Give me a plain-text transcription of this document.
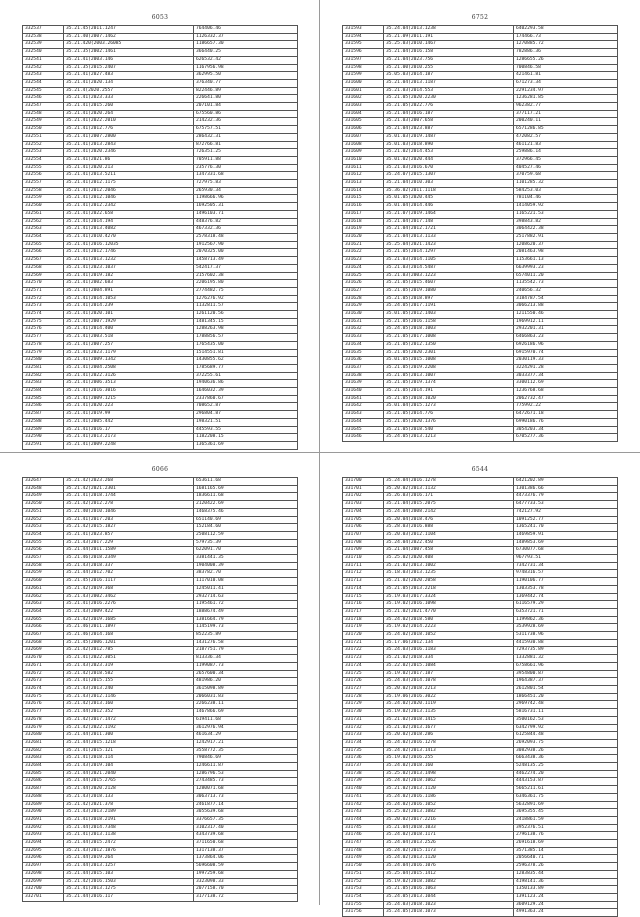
6053
332537	35.21.45(2011.1247	764406.46
332538	35.21.40(2007.1462	1126332.37
332539	35.21.420(2003.26085	1186657.30
332540	35.21.35(2002.1461	366440.25
332541	35.21.41(2003.146	626532.42
332542	35.21.35(2015.2407	1167956.98
332543	35.21.41(2027.483	362995.50
332544	35.21.41(2020.134	376340.77
332545	35.21.4(2020.2557	822446.89
332546	35.21.41(2023.333	226641.80
332547	35.21.41(2015.260	207101.84
332548	35.21.41(2020.264	675560.86
332549	35.21.41(2022.2010	214232.36
332550	35.21.41(2012.776	675757.51
332551	35.21.41(2007.2800	286432.31
332552	35.21.41(2013.2843	872766.81
332553	35.21.41(2020.2346	726351.25
332554	35.21.41(2021.86	705911.88
332555	35.21.41(2020.213	235776.30
332556	35.21.41(2013.5211	1347331.68
332557	35.21.41(2012.1175	727975.83
332558	35.21.41(2012.2046	265930.34
332559	35.21.41(2012.1046	1198666.96
332560	35.21.41(2012.2342	1692505.31
332561	35.21.41(2022.658	1496103.71
332562	35.21.41(2014.194	448376.82
332563	35.21.41(2013.4082	467332.36
332564	35.21.41(2010.4270	2578318.48
332565	35.21.41(2016.12035	1912567.90
332566	35.21.41(2012.1746	2070325.00
332567	35.21.41(2013.1232	1458713.49
332568	35.21.41(2023.1037	542417.37
332569	35.21.41(2019.182	2157602.38
332570	35.21.41(2002.683	2206195.80
332571	35.21.41(2004.891	2774482.75
332572	35.21.41(2014.1053	1276276.92
332573	35.21.41(2014.239	1132811.57
332574	35.21.41(2020.101	1261120.56
332575	35.21.41(2007.1929	1481345.15
332576	35.21.41(2014.400	1288263.98
332577	35.21.41(2003.518	1788856.57
332578	35.21.41(2007.257	1765435.00
332579	35.21.41(2023.1179	1514551.81
332580	35.21.41(2009.1342	1430855.62
332581	35.21.41(2004.2508	1785689.77
332582	35.21.41(2022.3126	372255.61
332583	35.21.41(2006.3513	1940636.86
332584	35.21.41(2016.3016	1646032.39
332585	35.21.41(2009.1215	2337860.67
332586	35.21.41(2020.223	708652.87
332587	35.21.41(2019.99	296804.87
332588	35.21.41(2005.442	198321.51
332589	35.21.41(2016.17	445593.55
332590	35.21.41(2013.2173	1182208.15
332591	35.21.41(2009.2248	1365361.69
6752
331593	35.24.04(2013.1238	6402293.58
331594	35.21.09(2011.191	174466.73
331595	35.25.03(2010.1467	1270885.72
331596	35.21.04(2016.158	782886.36
331597	35.21.04(2023.756	1286655.26
331598	35.21.00(2010.255	700846.58
331599	35.05.03(2014.187	421461.81
331600	35.21.04(2013.1187	671273.34
331601	35.21.03(2014.553	2291234.97
331602	35.21.05(2020.2230	1236281.85
331603	35.21.05(2022.776	962382.77
331604	35.21.04(2016.187	377117.21
331605	35.21.03(2007.658	200240.11
331606	35.21.04(2023.887	6571286.85
331607	35.01.03(2019.1487	472082.57
331608	35.01.03(2018.890	461121.83
331609	35.21.02(2014.453	259886.14
331610	35.01.02(2020.444	372966.45
331611	35.21.03(2016.670	404527.46
331612	35.24.07(2015.1307	370759.68
331613	35.21.04(2010.303	1101285.32
331614	35.36.02(2011.1118	584253.03
331615	35.01.05(2020.445	781104.46
331616	35.01.04(2014.446	1414059.92
331617	35.21.07(2019.1464	1165221.53
331618	35.21.04(2017.148	398843.82
331619	35.21.04(2012.1721	3064422.38
331620	35.21.04(2013.1133	2517882.91
331621	35.25.04(2021.1423	1208620.37
331622	35.21.05(2014.1297	2081463.98
331623	35.21.03(2014.1105	1153661.13
331624	35.21.03(2014.5487	6639993.23
331625	35.21.03(2003.1223	6574011.20
331626	35.21.05(2015.4607	1135542.73
331627	35.21.05(2019.1080	240656.32
331628	35.21.05(2018.897	3184787.54
331629	35.24.05(2017.1191	3066213.88
331630	35.01.05(2012.1403	1211550.46
331631	35.21.05(2016.1158	1969912.11
331632	35.24.05(2018.1003	2932201.31
331633	35.21.05(2017.1008	6466863.23
331634	35.21.05(2012.1350	6926186.96
331635	35.21.05(2020.2301	6915970.74
331636	35.01.05(2015.1008	2030119.33
331637	35.21.05(2019.2208	3224291.28
331638	35.21.05(2013.1007	3033377.34
331639	35.21.05(2019.1374	3300112.69
331640	35.21.05(2014.191	1236768.68
331641	35.21.05(2018.1020	2062732.47
331642	35.01.04(2015.1273	775992.22
331643	35.21.05(2014.776	6472671.18
331644	35.21.05(2020.1376	6990186.76
331645	35.21.05(2018.540	3054203.34
331646	35.24.05(2013.1213	6705277.36
6066
332647	35.21.42(2023.268	653611.68
332648	35.21.42(2021.2301	1681165.69
332649	35.21.41(2018.1744	1836611.68
332650	35.21.42(2012.278	2120422.69
332651	35.21.40(2010.1046	1468375.46
332652	35.21.41(2017.203	651140.69
332653	35.21.42(2015.1827	152184.60
332654	35.21.41(2023.857	2508112.59
332655	35.21.43(2017.229	579735.39
332656	35.21.44(2011.1589	622091.70
332657	35.21.46(2018.2349	3381441.35
332658	35.21.43(2018.337	1904008.39
332659	35.21.44(2012.702	383782.70
332660	35.21.45(2016.1117	1117010.08
332661	35.21.42(2019.368	1245011.41
332662	35.21.43(2002.3462	2932714.63
332663	35.21.41(2016.2276	1195461.72
332664	35.21.43(2009.422	1888674.49
332665	35.21.42(2019.1685	1381664.79
332666	35.21.46(2011.1897	1145199.73
332667	35.21.46(2014.168	852235.89
332668	35.21.45(2006.1201	1431276.58
332669	35.21.42(2012.785	2187751.79
332670	35.21.41(2022.3051	813336.34
332671	35.21.43(2023.319	1199087.73
332672	35.21.42(2018.582	2657600.34
332673	35.21.41(2015.155	481986.20
332674	35.21.43(2013.240	3615098.89
332675	35.21.43(2012.1146	2066031.83
332676	35.21.42(2013.160	2266238.11
332677	35.21.44(2012.352	1467866.69
332678	35.21.42(2017.1472	619411.68
332679	35.21.42(2022.1192	3612976.94
332680	35.21.44(2011.300	461634.29
332681	35.21.44(2015.1218	1242917.21
332682	35.21.41(2015.121	3558772.35
332683	35.21.41(2018.114	790846.69
332684	35.21.43(2019.104	1246611.87
332685	35.21.44(2021.2040	1286796.53
332686	35.21.44(2015.2765	2743485.73
332687	35.21.44(2020.2128	1280071.68
332688	35.21.43(2018.133	3063713.73
332689	35.21.42(2021.378	2461877.14
332690	35.21.43(2013.2189	3055639.68
332691	35.21.41(2018.2191	3376657.35
332692	35.21.44(2014.7348	3102317.40
332693	35.21.41(2013.1138	4343739.68
332694	35.21.44(2015.2472	3711650.68
332695	35.21.43(2012.1876	1317138.37
332696	35.21.44(2019.264	1373864.06
332697	35.21.44(2013.1257	5696608.59
332698	35.21.44(2015.103	1997259.68
332699	35.21.42(2016.1503	3323098.33
332700	35.21.41(2013.1275	2077158.70
332701	35.21.44(2016.117	3177138.72
6544
331700	35.24.04(2016.1278	6421202.89
331701	35.20.02(2013.1132	1301386.66
331702	35.26.03(2016.171	4473376.79
331703	35.21.04(2015.2075	6477733.53
331704	35.24.04(2008.2142	742127.92
331705	35.20.04(2018.476	1091252.77
331706	35.28.03(2016.888	1365241.70
331707	35.20.03(2012.1104	1469859.91
331708	35.24.04(2022.450	1489853.69
331709	35.21.04(2007.458	6730077.68
331710	35.25.02(2020.408	967793.51
331711	35.21.02(2013.1002	7342731.34
331712	35.18.03(2013.1235	9748316.57
331713	35.21.02(2020.2058	1190106.77
331714	35.21.05(2013.2218	1303353.78
331715	35.19.03(2017.3324	1369442.74
331716	35.19.02(2016.1098	6116579.29
331717	35.21.02(2021.4770	6353721.71
331718	35.24.02(2018.580	1199862.36
331719	35.19.02(2014.2223	3539928.69
331720	35.24.02(2018.1052	5311738.96
331721	35.17.06(2012.134	4415930.88
331722	35.24.03(2016.1183	7293735.89
331723	35.21.02(2018.334	1332881.32
331724	35.22.02(2015.1084	6758661.96
331725	35.19.02(2017.187	3954800.87
331726	35.24.03(2014.1078	1964387.37
331727	35.20.02(2018.2213	2612801.54
331728	35.19.06(2016.3022	1866451.20
331729	35.24.02(2020.1119	2969742.48
331730	35.19.02(2013.1135	5816731.11
331731	35.21.02(2018.1415	3500162.53
331732	35.21.02(2013.1677	6342799.92
331733	35.20.02(2018.286	6125844.48
331734	35.24.02(2016.1278	2692093.75
331735	35.24.02(2013.1413	3082938.26
331736	35.19.02(2016.255	6663438.36
331737	35.24.02(2018.160	5248135.25
331738	35.25.02(2013.1498	4462274.20
331739	35.24.02(2018.1062	4443153.87
331740	35.21.02(2013.1120	5665211.61
331741	35.24.02(2016.1186	6346361.75
331742	35.24.02(2016.1052	5632891.69
331743	35.25.02(2013.1082	3695355.45
331744	35.20.02(2017.2216	2418861.59
331745	35.21.04(2018.1033	3952376.51
331746	35.24.02(2018.1171	2796138.76
331747	35.24.04(2013.2526	2691618.69
331748	35.24.02(2015.1173	3571385.14
331749	35.24.02(2013.1120	2056640.71
331750	35.24.04(2016.1076	2596378.26
331751	35.25.04(2015.1412	1283835.44
331752	35.19.02(2018.1082	4198141.36
331753	35.21.05(2016.1063	1350133.89
331754	35.24.05(2013.1044	1391123.24
331755	35.24.03(2018.1023	3609129.24
331756	35.24.05(2018.1073	4991363.24
